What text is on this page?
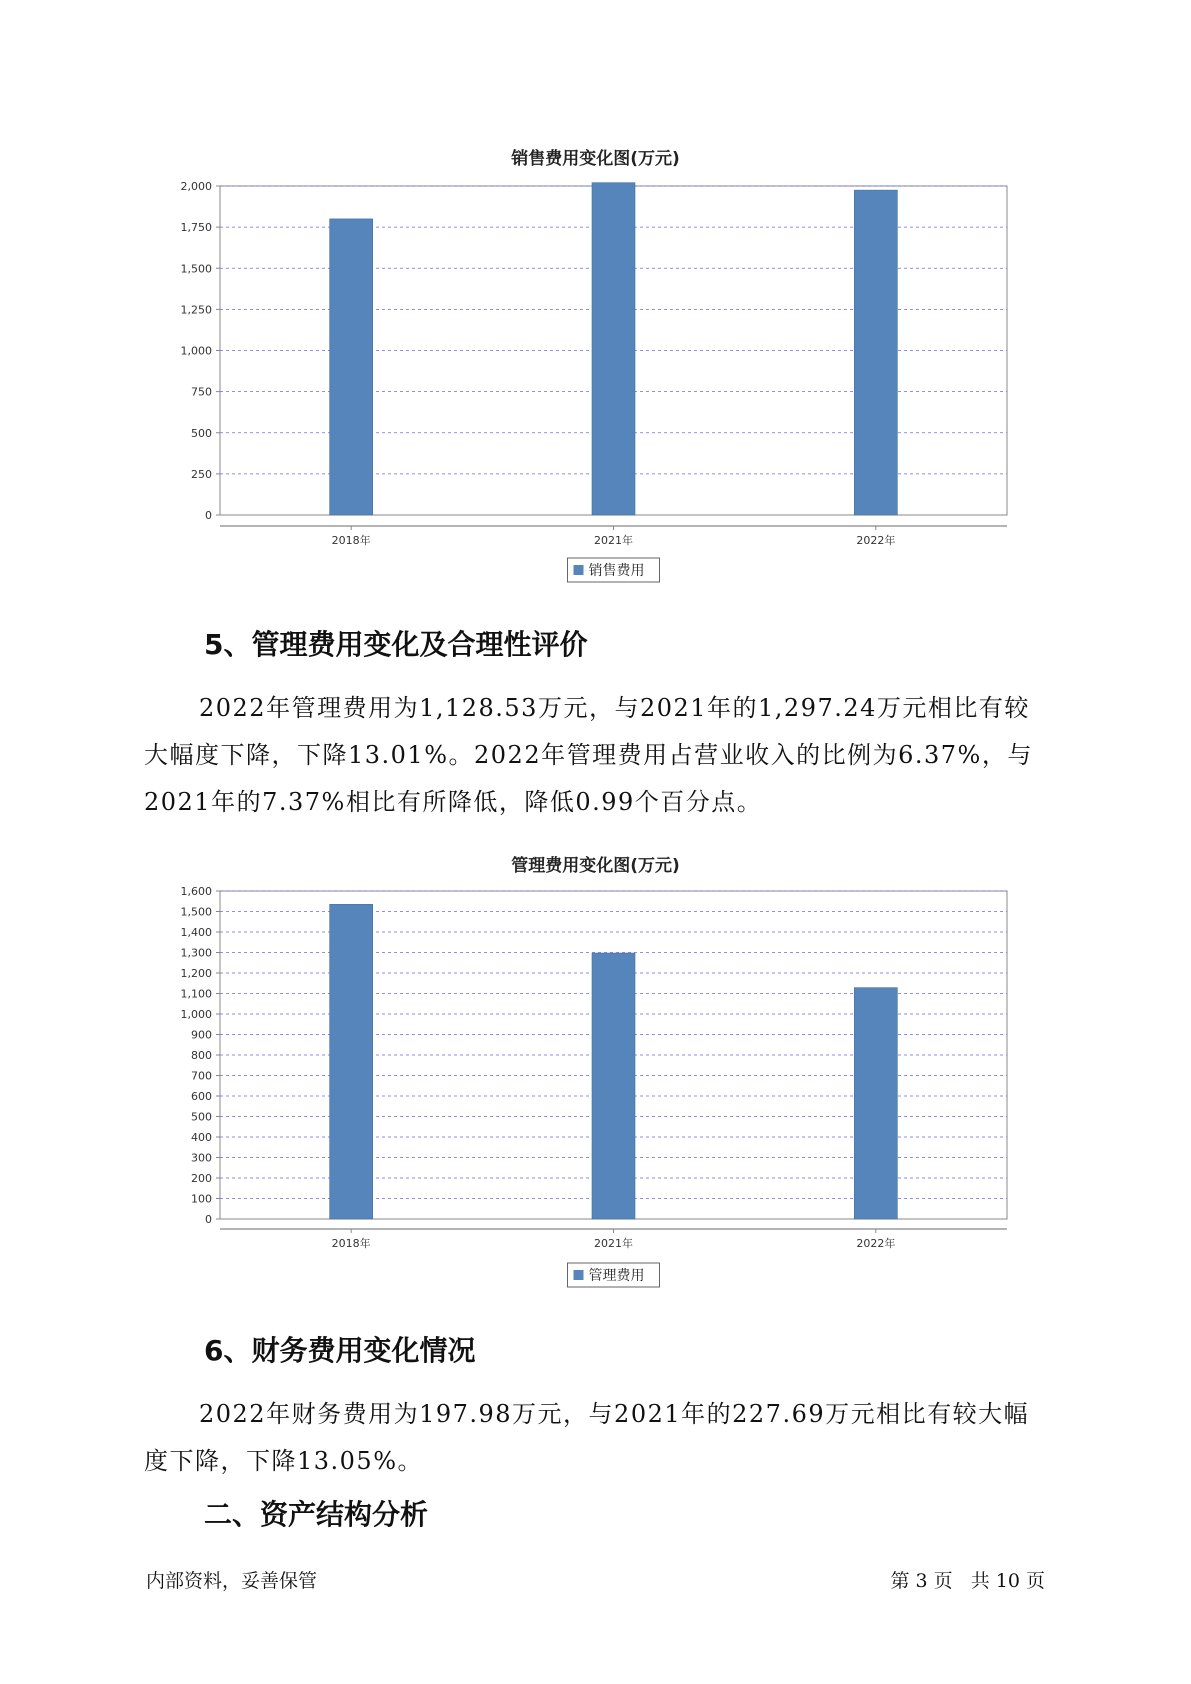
销售费用变化图(万元)
0
250
500
750
1,000
1,250
1,500
1,750
2,000
2018年	2021年	2022年
销售费用
5、管理费用变化及合理性评价
2022年管理费用为1,128.53万元，与2021年的1,297.24万元相比有较大幅度下降，下降13.01%。2022年管理费用占营业收入的比例为6.37%，与2021年的7.37%相比有所降低，降低0.99个百分点。
管理费用变化图(万元)
0
100
200
300
400
500
600
700
800
900
1,000
1,100
1,200
1,300
1,400
1,500
1,600
2018年	2021年	2022年
管理费用
6、财务费用变化情况
2022年财务费用为197.98万元，与2021年的227.69万元相比有较大幅度下降，下降13.05%。
二、资产结构分析
内部资料，妥善保管	第 3 页   共 10 页
